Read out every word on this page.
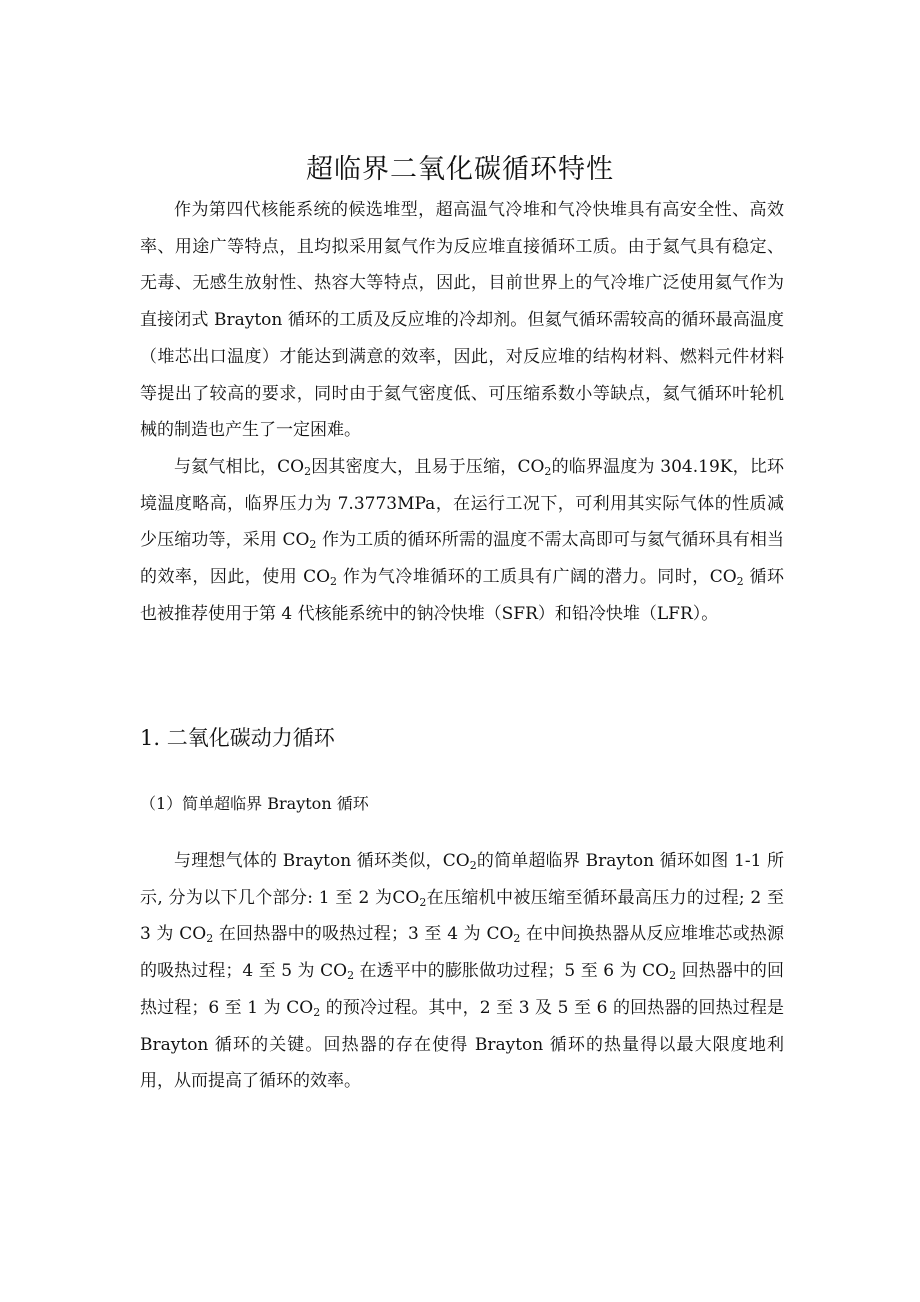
超临界二氧化碳循环特性

作为第四代核能系统的候选堆型，超高温气冷堆和气冷快堆具有高安全性、高效率、用途广等特点，且均拟采用氦气作为反应堆直接循环工质。由于氦气具有稳定、无毒、无感生放射性、热容大等特点，因此，目前世界上的气冷堆广泛使用氦气作为直接闭式 Brayton 循环的工质及反应堆的冷却剂。但氦气循环需较高的循环最高温度（堆芯出口温度）才能达到满意的效率，因此，对反应堆的结构材料、燃料元件材料等提出了较高的要求，同时由于氦气密度低、可压缩系数小等缺点，氦气循环叶轮机械的制造也产生了一定困难。

与氦气相比，$CO_2$因其密度大，且易于压缩，$CO_2$的临界温度为 304.19K，比环境温度略高，临界压力为 7.3773MPa，在运行工况下，可利用其实际气体的性质减少压缩功等，采用 $CO_2$ 作为工质的循环所需的温度不需太高即可与氦气循环具有相当的效率，因此，使用 $CO_2$ 作为气冷堆循环的工质具有广阔的潜力。同时，$CO_2$ 循环也被推荐使用于第 4 代核能系统中的钠冷快堆（SFR）和铅冷快堆（LFR）。

1. 二氧化碳动力循环
（1）简单超临界 Brayton 循环

与理想气体的 Brayton 循环类似，$CO_2$的简单超临界 Brayton 循环如图 1-1 所示, 分为以下几个部分: 1 至 2 为$CO_2$在压缩机中被压缩至循环最高压力的过程; 2 至 3 为 $CO_2$ 在回热器中的吸热过程；3 至 4 为 $CO_2$ 在中间换热器从反应堆堆芯或热源的吸热过程；4 至 5 为 $CO_2$ 在透平中的膨胀做功过程；5 至 6 为 $CO_2$ 回热器中的回热过程；6 至 1 为 $CO_2$ 的预冷过程。其中，2 至 3 及 5 至 6 的回热器的回热过程是 Brayton 循环的关键。回热器的存在使得 Brayton 循环的热量得以最大限度地利用，从而提高了循环的效率。
